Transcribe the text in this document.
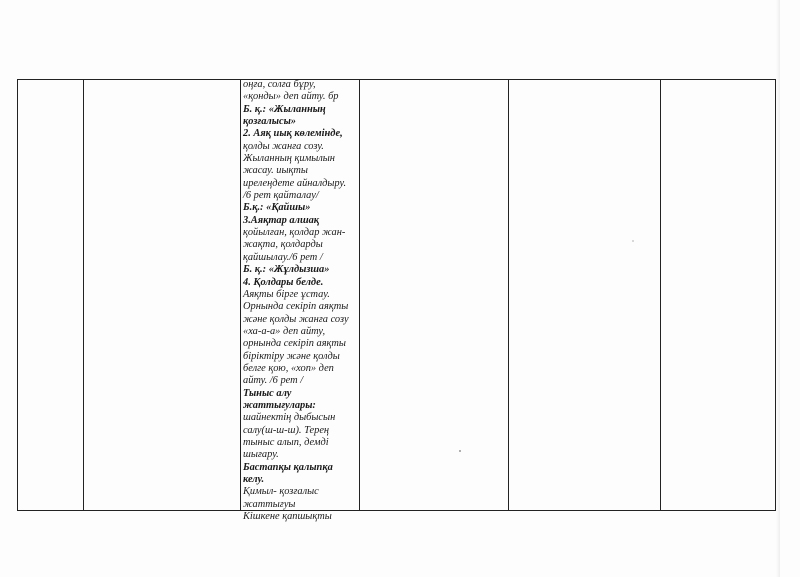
оңға, солға бұру,
«қонды» деп айту. бр
Б. қ.: «Жыланның
қозғалысы»
2. Аяқ иық көлемінде,
қолды жанға созу.
Жыланның қимылын
жасау. иықты
ирелеңдете айналдыру.
/6 рет қайталау/
Б.қ.: «Қайшы»
3.Аяқтар алшақ
қойылған, қолдар жан-
жақта, қолдарды
қайшылау./6 рет /
Б. қ.: «Жұлдызша»
4. Қолдары белде.
Аяқты бірге ұстау.
Орнында секіріп аяқты
және қолды жанға созу
«ха-а-а» деп айту,
орнында секіріп аяқты
біріктіру және қолды
белге қою, «хоп» деп
айту. /6 рет /
Тыныс алу
жаттығулары:
шайнектің дыбысын
салу(ш-ш-ш). Терең
тыныс алып, демді
шығару.
Бастапқы қалыпқа
келу.
Қимыл- қозғалыс
жаттығуы
Кішкене қапшықты
